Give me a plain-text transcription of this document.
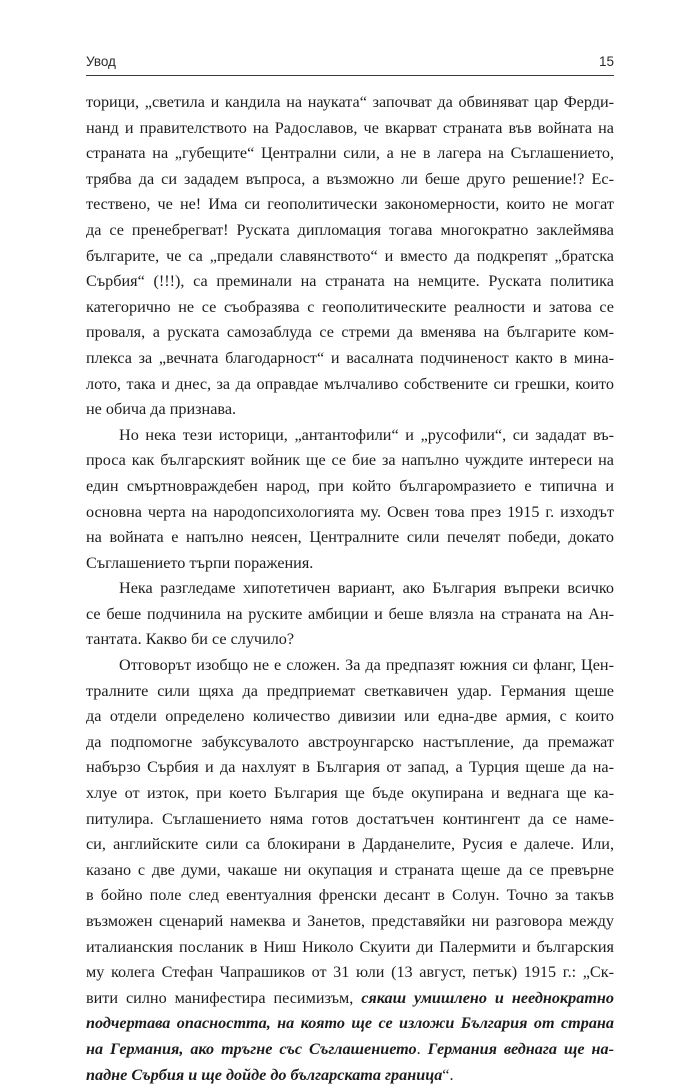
Увод	15
торици, „светила и кандила на науката“ започват да обвиняват цар Ферди-
нанд и правителството на Радославов, че вкарват страната във войната на
страната на „губещите“ Централни сили, а не в лагера на Съглашението,
трябва да си зададем въпроса, а възможно ли беше друго решение!? Ес-
тествено, че не! Има си геополитически закономерности, които не могат
да се пренебрегват! Руската дипломация тогава многократно заклеймява
българите, че са „предали славянството“ и вместо да подкрепят „братска
Сърбия“ (!!!), са преминали на страната на немците. Руската политика
категорично не се съобразява с геополитическите реалности и затова се
проваля, а руската самозаблуда се стреми да вменява на българите ком-
плекса за „вечната благодарност“ и васалната подчиненост както в мина-
лото, така и днес, за да оправдае мълчаливо собствените си грешки, които
не обича да признава.
Но нека тези историци, „антантофили“ и „русофили“, си зададат въ-
проса как българският войник ще се бие за напълно чуждите интереси на
един смъртновраждебен народ, при който българомразието е типична и
основна черта на народопсихологията му. Освен това през 1915 г. изходът
на войната е напълно неясен, Централните сили печелят победи, докато
Съглашението търпи поражения.
Нека разгледаме хипотетичен вариант, ако България въпреки всичко
се беше подчинила на руските амбиции и беше влязла на страната на Ан-
тантата. Какво би се случило?
Отговорът изобщо не е сложен. За да предпазят южния си фланг, Цен-
тралните сили щяха да предприемат светкавичен удар. Германия щеше
да отдели определено количество дивизии или една-две армия, с които
да подпомогне забуксувалото австроунгарско настъпление, да премажат
набързо Сърбия и да нахлуят в България от запад, а Турция щеше да на-
хлуе от изток, при което България ще бъде окупирана и веднага ще ка-
питулира. Съглашението няма готов достатъчен контингент да се наме-
си, английските сили са блокирани в Дарданелите, Русия е далече. Или,
казано с две думи, чакаше ни окупация и страната щеше да се превърне
в бойно поле след евентуалния френски десант в Солун. Точно за такъв
възможен сценарий намеква и Занетов, представяйки ни разговора между
италианския посланик в Ниш Николо Скуити ди Палермити и българския
му колега Стефан Чапрашиков от 31 юли (13 август, петък) 1915 г.: „Ск-
вити силно манифестира песимизъм, сякаш умишлено и нееднократно
подчертава опасността, на която ще се изложи България от страна
на Германия, ако тръгне със Съглашението. Германия веднага ще на-
падне Сърбия и ще дойде до българската граница“.
